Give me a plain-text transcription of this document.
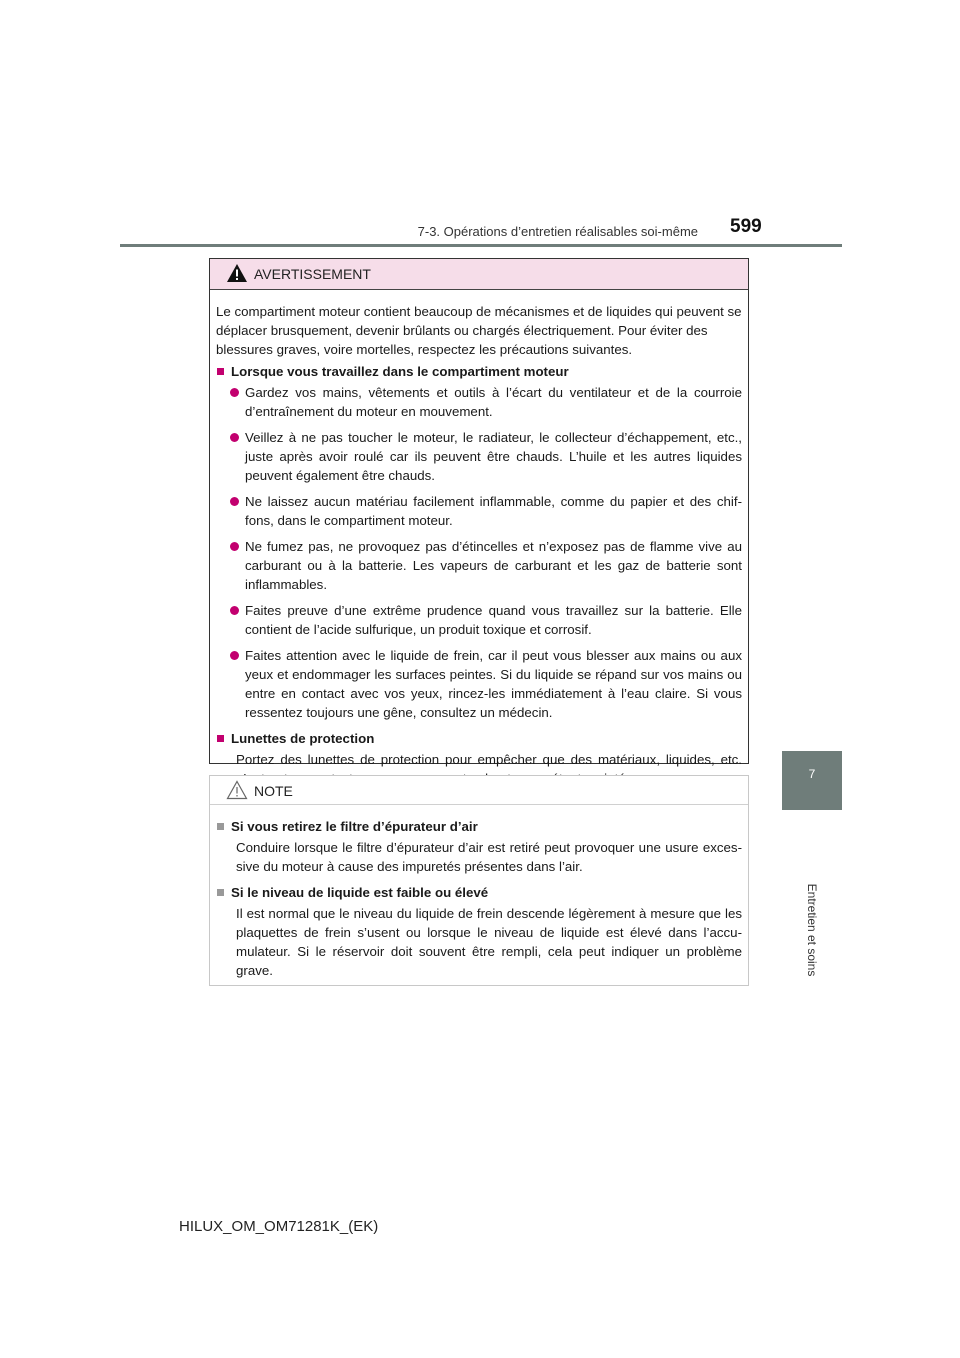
7-3. Opérations d’entretien réalisables soi-même 599
7
Entretien et soins
AVERTISSEMENT

Le compartiment moteur contient beaucoup de mécanismes et de liquides qui peuvent se déplacer brusquement, devenir brûlants ou chargés électriquement. Pour éviter des blessures graves, voire mortelles, respectez les précautions suivantes.

Lorsque vous travaillez dans le compartiment moteur
Gardez vos mains, vêtements et outils à l’écart du ventilateur et de la courroie d’entraînement du moteur en mouvement.
Veillez à ne pas toucher le moteur, le radiateur, le collecteur d’échappement, etc., juste après avoir roulé car ils peuvent être chauds. L’huile et les autres liquides peuvent également être chauds.
Ne laissez aucun matériau facilement inflammable, comme du papier et des chiffons, dans le compartiment moteur.
Ne fumez pas, ne provoquez pas d’étincelles et n’exposez pas de flamme vive au carburant ou à la batterie. Les vapeurs de carburant et les gaz de batterie sont inflammables.
Faites preuve d’une extrême prudence quand vous travaillez sur la batterie. Elle contient de l’acide sulfurique, un produit toxique et corrosif.
Faites attention avec le liquide de frein, car il peut vous blesser aux mains ou aux yeux et endommager les surfaces peintes. Si du liquide se répand sur vos mains ou entre en contact avec vos yeux, rincez-les immédiatement à l’eau claire. Si vous ressentez toujours une gêne, consultez un médecin.
Lunettes de protection

Portez des lunettes de protection pour empêcher que des matériaux, liquides, etc.

NOTE
Si vous retirez le filtre d’épurateur d’air

Conduire lorsque le filtre d’épurateur d’air est retiré peut provoquer une usure excessive du moteur à cause des impuretés présentes dans l’air.

Si le niveau de liquide est faible ou élevé

Il est normal que le niveau du liquide de frein descende légèrement à mesure que les plaquettes de frein s’usent ou lorsque le niveau de liquide est élevé dans l’accumulateur. Si le réservoir doit souvent être rempli, cela peut indiquer un problème grave.

HILUX_OM_OM71281K_(EK)
